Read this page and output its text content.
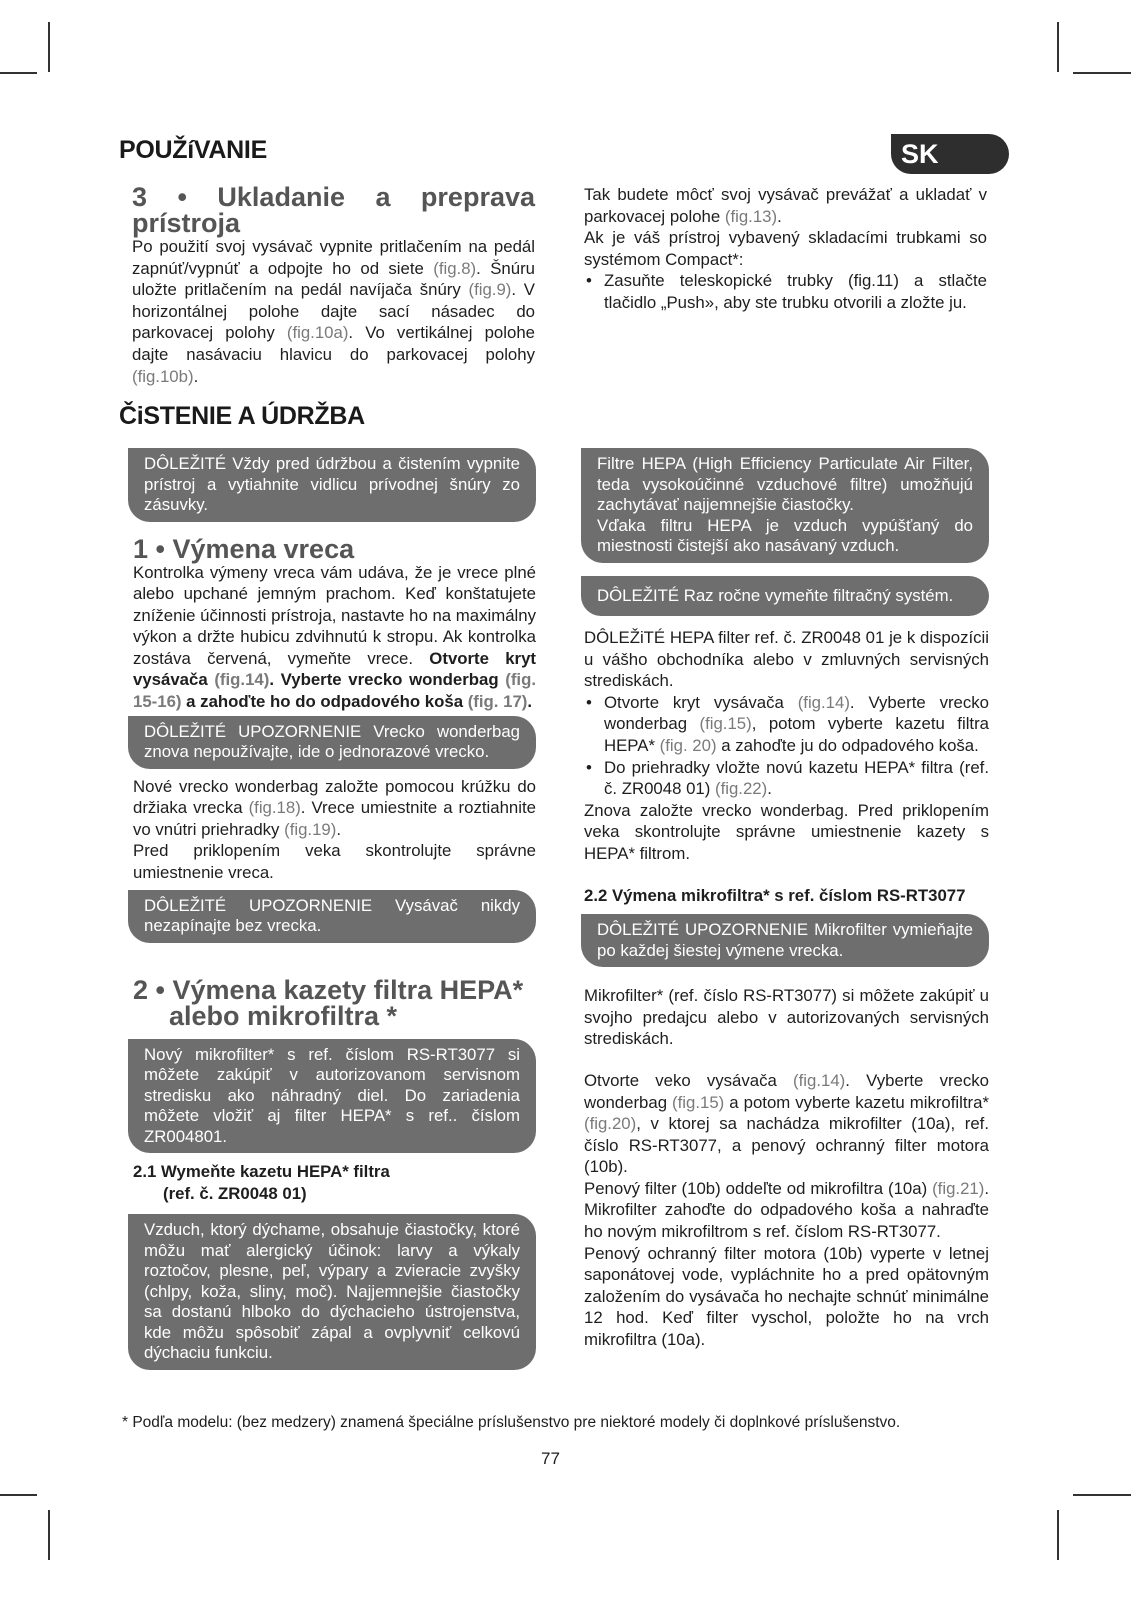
POUŽíVANIE	SK
3 • Ukladanie a preprava prístroja

Po použití svoj vysávač vypnite pritlačením na pedál zapnúť/vypnúť a odpojte ho od siete (fig.8). Šnúru uložte pritlačením na pedál navíjača šnúry (fig.9). V horizontálnej polohe dajte sací násadec do parkovacej polohy (fig.10a). Vo vertikálnej polohe dajte nasávaciu hlavicu do parkovacej polohy (fig.10b).

Tak budete môcť svoj vysávač prevážať a ukladať v parkovacej polohe (fig.13).

Ak je váš prístroj vybavený skladacími trubkami so systémom Compact*:

• Zasuňte teleskopické trubky (fig.11) a stlačte tlačidlo „Push», aby ste trubku otvorili a zložte ju.

ČiSTENIE A ÚDRŽBA
DÔLEŽITÉ Vždy pred údržbou a čistením vypnite prístroj a vytiahnite vidlicu prívodnej šnúry zo zásuvky.
1 • Výmena vreca

Kontrolka výmeny vreca vám udáva, že je vrece plné alebo upchané jemným prachom. Keď konštatujete zníženie účinnosti prístroja, nastavte ho na maximálny výkon a držte hubicu zdvihnutú k stropu. Ak kontrolka zostáva červená, vymeňte vrece. Otvorte kryt vysávača (fig.14). Vyberte vrecko wonderbag (fig. 15-16) a zahoďte ho do odpadového koša (fig. 17).

DÔLEŽITÉ UPOZORNENIE Vrecko wonderbag znova nepoužívajte, ide o jednorazové vrecko.

Nové vrecko wonderbag založte pomocou krúžku do držiaka vrecka (fig.18). Vrece umiestnite a roztiahnite vo vnútri priehradky (fig.19).

Pred priklopením veka skontrolujte správne umiestnenie vreca.

DÔLEŽITÉ UPOZORNENIE Vysávač nikdy nezapínajte bez vrecka.
2 • Výmena kazety filtra HEPA*
alebo mikrofiltra *
Nový mikrofilter* s ref. číslom RS-RT3077 si môžete zakúpiť v autorizovanom servisnom stredisku ako náhradný diel. Do zariadenia môžete vložiť aj filter HEPA* s ref.. číslom ZR004801.

2.1 Wymeňte kazetu HEPA* filtra
(ref. č. ZR0048 01)

Vzduch, ktorý dýchame, obsahuje čiastočky, ktoré môžu mať alergický účinok: larvy a výkaly roztočov, plesne, peľ, výpary a zvieracie zvyšky (chlpy, koža, sliny, moč). Najjemnejšie čiastočky sa dostanú hlboko do dýchacieho ústrojenstva, kde môžu spôsobiť zápal a ovplyvniť celkovú dýchaciu funkciu.
Filtre HEPA (High Efficiency Particulate Air Filter, teda vysokoúčinné vzduchové filtre) umožňujú zachytávať najjemnejšie čiastočky.
Vďaka filtru HEPA je vzduch vypúšťaný do miestnosti čistejší ako nasávaný vzduch.
DÔLEŽITÉ Raz ročne vymeňte filtračný systém.

DÔLEŽiTÉ HEPA filter ref. č. ZR0048 01 je k dispozícii u vášho obchodníka alebo v zmluvných servisných strediskách.

• Otvorte kryt vysávača (fig.14). Vyberte vrecko wonderbag (fig.15), potom vyberte kazetu filtra HEPA* (fig. 20) a zahoďte ju do odpadového koša.

• Do priehradky vložte novú kazetu HEPA* filtra (ref. č. ZR0048 01) (fig.22).

Znova založte vrecko wonderbag. Pred priklopením veka skontrolujte správne umiestnenie kazety s HEPA* filtrom.

2.2 Výmena mikrofiltra* s ref. číslom RS-RT3077

DÔLEŽITÉ UPOZORNENIE Mikrofilter vymieňajte po každej šiestej výmene vrecka.

Mikrofilter* (ref. číslo RS-RT3077) si môžete zakúpiť u svojho predajcu alebo v autorizovaných servisných strediskách.

Otvorte veko vysávača (fig.14). Vyberte vrecko wonderbag (fig.15) a potom vyberte kazetu mikrofiltra*(fig.20), v ktorej sa nachádza mikrofilter (10a), ref. číslo RS-RT3077, a penový ochranný filter motora (10b).

Penový filter (10b) oddeľte od mikrofiltra (10a) (fig.21). Mikrofilter zahoďte do odpadového koša a nahraďte ho novým mikrofiltrom s ref. číslom RS-RT3077.

Penový ochranný filter motora (10b) vyperte v letnej saponátovej vode, vypláchnite ho a pred opätovným založením do vysávača ho nechajte schnúť minimálne 12 hod. Keď filter vyschol, položte ho na vrch mikrofiltra (10a).

* Podľa modelu: (bez medzery) znamená špeciálne príslušenstvo pre niektoré modely či doplnkové príslušenstvo.
77
